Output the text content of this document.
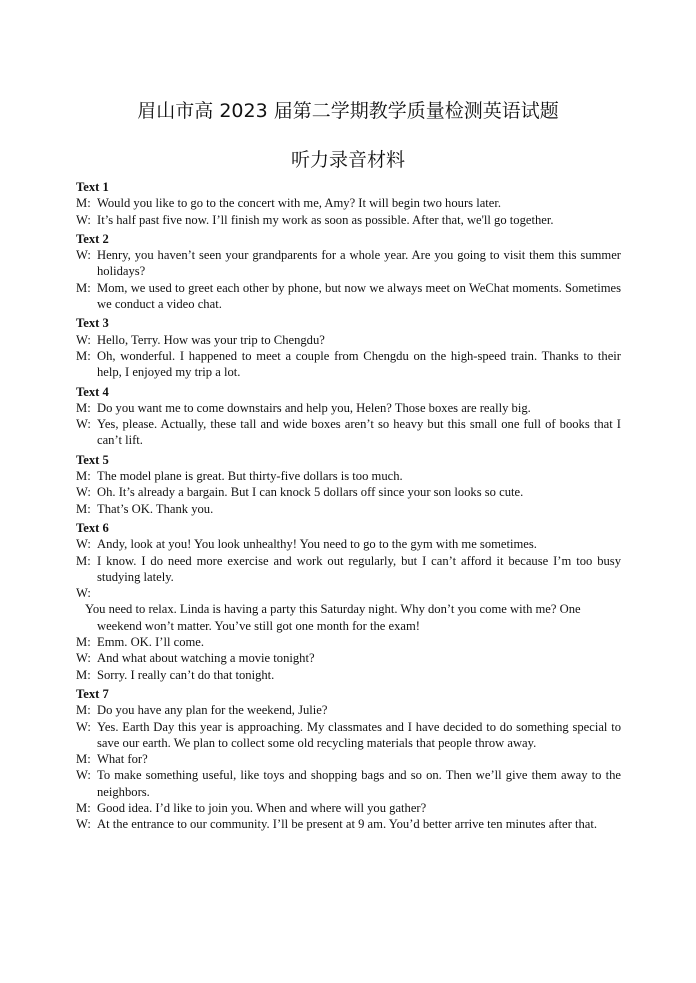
眉山市高 2023 届第二学期教学质量检测英语试题
听力录音材料
Text 1
M: Would you like to go to the concert with me, Amy? It will begin two hours later.
W: It’s half past five now. I’ll finish my work as soon as possible. After that, we'll go together.
Text 2
W: Henry, you haven’t seen your grandparents for a whole year. Are you going to visit them this summer holidays?
M: Mom, we used to greet each other by phone, but now we always meet on WeChat moments. Sometimes we conduct a video chat.
Text 3
W: Hello, Terry. How was your trip to Chengdu?
M: Oh, wonderful. I happened to meet a couple from Chengdu on the high-speed train. Thanks to their help, I enjoyed my trip a lot.
Text 4
M: Do you want me to come downstairs and help you, Helen? Those boxes are really big.
W: Yes, please. Actually, these tall and wide boxes aren’t so heavy but this small one full of books that I can’t lift.
Text 5
M: The model plane is great. But thirty-five dollars is too much.
W: Oh. It’s already a bargain. But I can knock 5 dollars off since your son looks so cute.
M: That’s OK. Thank you.
Text 6
W: Andy, look at you! You look unhealthy! You need to go to the gym with me sometimes.
M: I know. I do need more exercise and work out regularly, but I can’t afford it because I’m too busy studying lately.
W:
You need to relax. Linda is having a party this Saturday night. Why don’t you come with me? One weekend won’t matter. You’ve still got one month for the exam!
M: Emm. OK. I’ll come.
W: And what about watching a movie tonight?
M: Sorry. I really can’t do that tonight.
Text 7
M: Do you have any plan for the weekend, Julie?
W: Yes. Earth Day this year is approaching. My classmates and I have decided to do something special to save our earth. We plan to collect some old recycling materials that people throw away.
M: What for?
W: To make something useful, like toys and shopping bags and so on. Then we’ll give them away to the neighbors.
M: Good idea. I’d like to join you. When and where will you gather?
W: At the entrance to our community. I’ll be present at 9 am. You’d better arrive ten minutes after that.
